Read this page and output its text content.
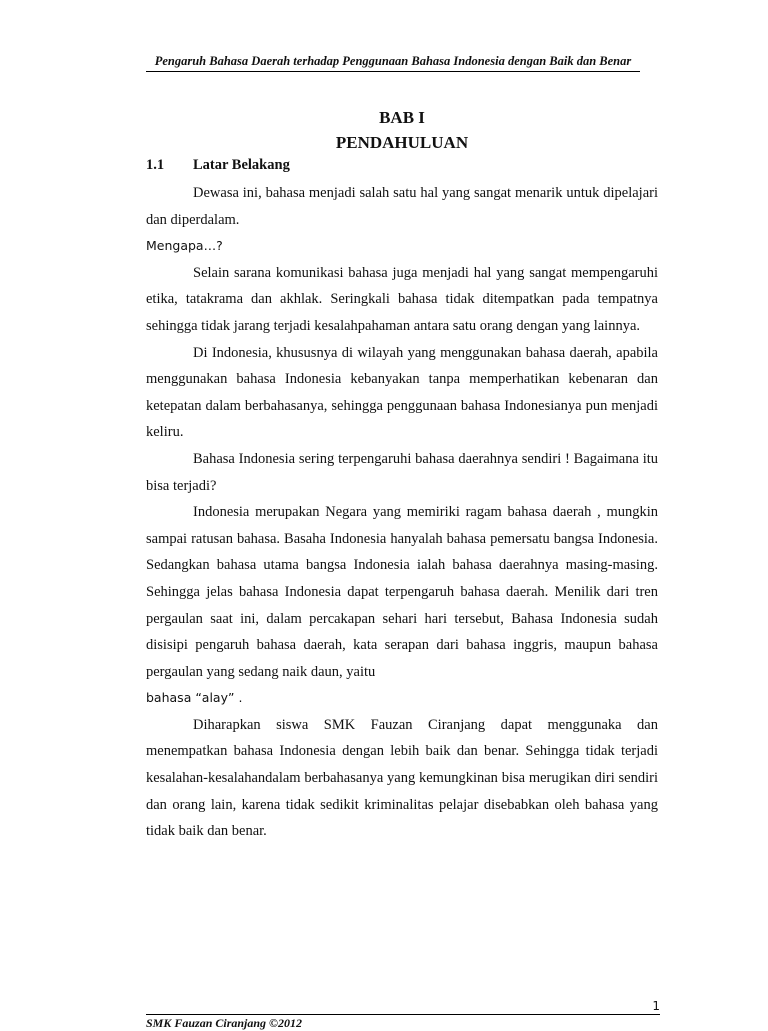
Pengaruh Bahasa Daerah terhadap Penggunaan Bahasa Indonesia dengan Baik dan Benar
BAB I
PENDAHULUAN
1.1 Latar Belakang

Dewasa ini, bahasa menjadi salah satu hal yang sangat menarik untuk dipelajari dan diperdalam.

Mengapa…?

Selain sarana komunikasi bahasa juga menjadi hal yang sangat mempengaruhi etika, tatakrama dan akhlak. Seringkali bahasa tidak ditempatkan pada tempatnya sehingga tidak jarang terjadi kesalahpahaman antara satu orang dengan yang lainnya.

Di Indonesia, khususnya di wilayah yang menggunakan bahasa daerah, apabila menggunakan bahasa Indonesia kebanyakan tanpa memperhatikan kebenaran dan ketepatan dalam berbahasanya, sehingga penggunaan bahasa Indonesianya pun menjadi keliru.

Bahasa Indonesia sering terpengaruhi bahasa daerahnya sendiri ! Bagaimana itu bisa terjadi?

Indonesia merupakan Negara yang memiriki ragam bahasa daerah , mungkin sampai ratusan bahasa. Basaha Indonesia hanyalah bahasa pemersatu bangsa Indonesia. Sedangkan bahasa utama bangsa Indonesia ialah bahasa daerahnya masing-masing. Sehingga jelas bahasa Indonesia dapat terpengaruh bahasa daerah. Menilik dari tren pergaulan saat ini, dalam percakapan sehari hari tersebut, Bahasa Indonesia sudah disisipi pengaruh bahasa daerah, kata serapan dari bahasa inggris, maupun bahasa pergaulan yang sedang naik daun, yaitu

bahasa “alay” .

Diharapkan siswa SMK Fauzan Ciranjang dapat menggunaka dan menempatkan bahasa Indonesia dengan lebih baik dan benar. Sehingga tidak terjadi kesalahan-kesalahandalam berbahasanya yang kemungkinan bisa merugikan diri sendiri dan orang lain, karena tidak sedikit kriminalitas pelajar disebabkan oleh bahasa yang tidak baik dan benar.

1
SMK Fauzan Ciranjang ©2012
